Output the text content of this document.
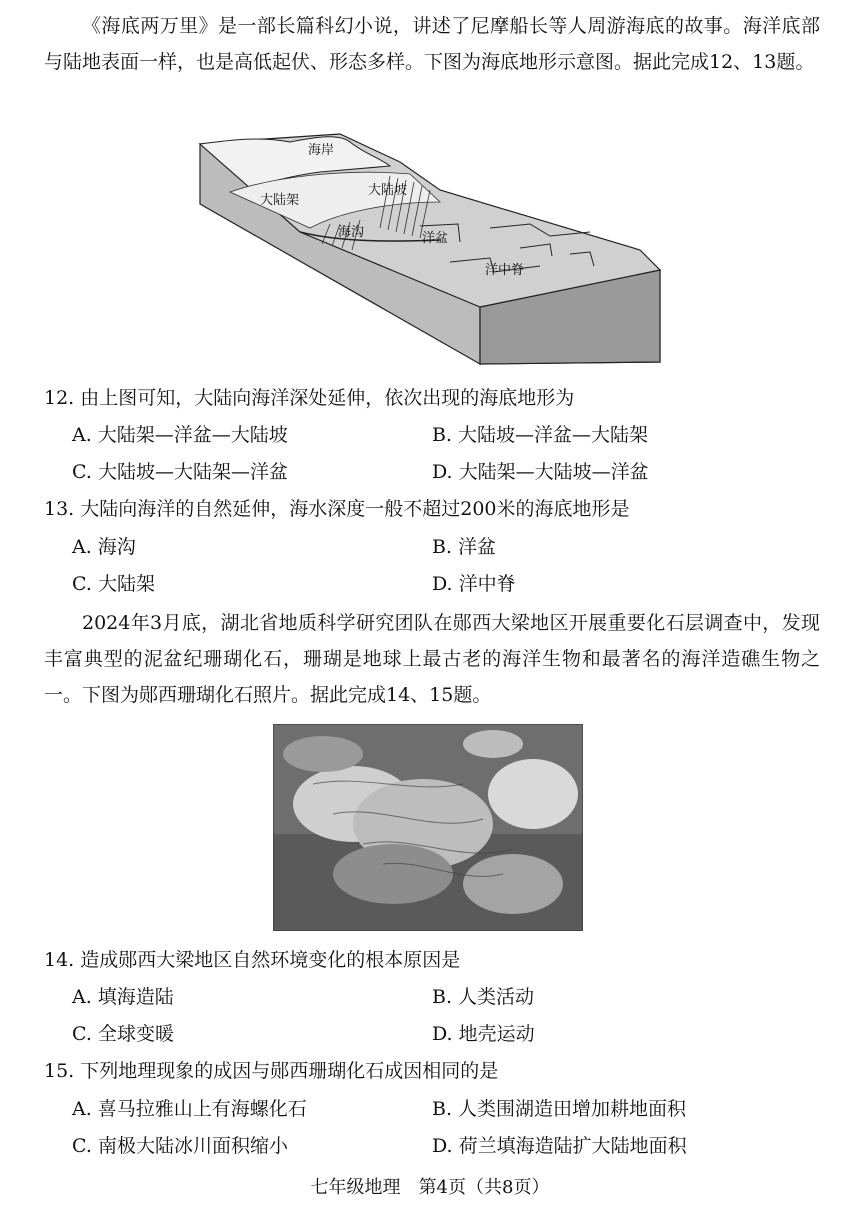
《海底两万里》是一部长篇科幻小说，讲述了尼摩船长等人周游海底的故事。海洋底部与陆地表面一样，也是高低起伏、形态多样。下图为海底地形示意图。据此完成12、13题。

海岸
大陆架
大陆坡
海沟	洋盆
洋中脊
12. 由上图可知，大陆向海洋深处延伸，依次出现的海底地形为
A. 大陆架—洋盆—大陆坡	B. 大陆坡—洋盆—大陆架
C. 大陆坡—大陆架—洋盆	D. 大陆架—大陆坡—洋盆
13. 大陆向海洋的自然延伸，海水深度一般不超过200米的海底地形是
A. 海沟	B. 洋盆
C. 大陆架	D. 洋中脊

2024年3月底，湖北省地质科学研究团队在郧西大梁地区开展重要化石层调查中，发现丰富典型的泥盆纪珊瑚化石，珊瑚是地球上最古老的海洋生物和最著名的海洋造礁生物之一。下图为郧西珊瑚化石照片。据此完成14、15题。

14. 造成郧西大梁地区自然环境变化的根本原因是
A. 填海造陆	B. 人类活动
C. 全球变暖	D. 地壳运动
15. 下列地理现象的成因与郧西珊瑚化石成因相同的是
A. 喜马拉雅山上有海螺化石	B. 人类围湖造田增加耕地面积
C. 南极大陆冰川面积缩小	D. 荷兰填海造陆扩大陆地面积
七年级地理　第4页（共8页）
